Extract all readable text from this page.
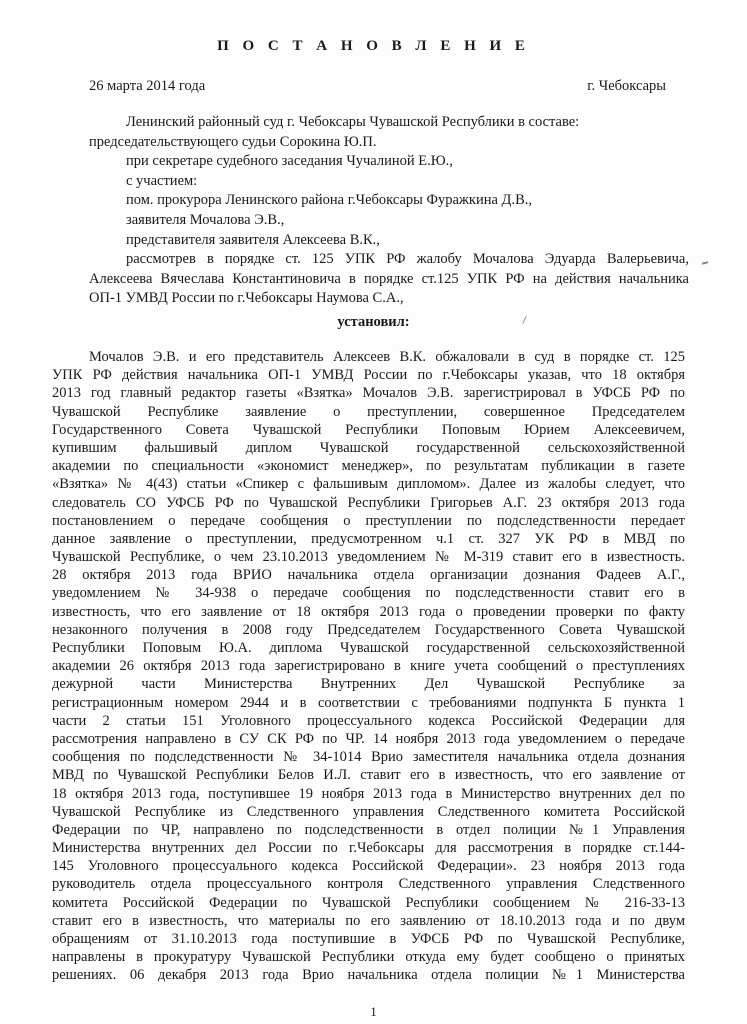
П О С Т А Н О В Л Е Н И Е
26 марта 2014 года	г. Чебоксары
Ленинский районный суд г. Чебоксары Чувашской Республики в составе:
председательствующего судьи Сорокина Ю.П.
при секретаре судебного заседания Чучалиной Е.Ю.,
с участием:
пом. прокурора Ленинского района г.Чебоксары Фуражкина Д.В.,
заявителя Мочалова Э.В.,
представителя заявителя Алексеева В.К.,
рассмотрев в порядке ст. 125 УПК РФ жалобу Мочалова Эдуарда Валерьевича,
Алексеева Вячеслава Константиновича в порядке ст.125 УПК РФ на действия начальника
ОП-1 УМВД России по г.Чебоксары Наумова С.А.,
установил:
Мочалов Э.В. и его представитель Алексеев В.К. обжаловали в суд в порядке ст. 125
УПК РФ действия начальника ОП-1 УМВД России по г.Чебоксары указав, что 18 октября
2013 год главный редактор газеты «Взятка» Мочалов Э.В. зарегистрировал в УФСБ РФ по
Чувашской Республике заявление о преступлении, совершенное Председателем
Государственного Совета Чувашской Республики Поповым Юрием Алексеевичем,
купившим фальшивый диплом Чувашской государственной сельскохозяйственной
академии по специальности «экономист менеджер», по результатам публикации в газете
«Взятка» № 4(43) статьи «Спикер с фальшивым дипломом». Далее из жалобы следует, что
следователь СО УФСБ РФ по Чувашской Республики Григорьев А.Г. 23 октября 2013 года
постановлением о передаче сообщения о преступлении по подследственности передает
данное заявление о преступлении, предусмотренном ч.1 ст. 327 УК РФ в МВД по
Чувашской Республике, о чем 23.10.2013 уведомлением № М-319 ставит его в известность.
28 октября 2013 года ВРИО начальника отдела организации дознания Фадеев А.Г.,
уведомлением № 34-938 о передаче сообщения по подследственности ставит его в
известность, что его заявление от 18 октября 2013 года о проведении проверки по факту
незаконного получения в 2008 году Председателем Государственного Совета Чувашской
Республики Поповым Ю.А. диплома Чувашской государственной сельскохозяйственной
академии 26 октября 2013 года зарегистрировано в книге учета сообщений о преступлениях
дежурной части Министерства Внутренних Дел Чувашской Республике за
регистрационным номером 2944 и в соответствии с требованиями подпункта Б пункта 1
части 2 статьи 151 Уголовного процессуального кодекса Российской Федерации для
рассмотрения направлено в СУ СК РФ по ЧР. 14 ноября 2013 года уведомлением о передаче
сообщения по подследственности № 34-1014 Врио заместителя начальника отдела дознания
МВД по Чувашской Республики Белов И.Л. ставит его в известность, что его заявление от
18 октября 2013 года, поступившее 19 ноября 2013 года в Министерство внутренних дел по
Чувашской Республике из Следственного управления Следственного комитета Российской
Федерации по ЧР, направлено по подследственности в отдел полиции №1 Управления
Министерства внутренних дел России по г.Чебоксары для рассмотрения в порядке ст.144-
145 Уголовного процессуального кодекса Российской Федерации». 23 ноября 2013 года
руководитель отдела процессуального контроля Следственного управления Следственного
комитета Российской Федерации по Чувашской Республики сообщением № 216-33-13
ставит его в известность, что материалы по его заявлению от 18.10.2013 года и по двум
обращениям от 31.10.2013 года поступившие в УФСБ РФ по Чувашской Республике,
направлены в прокуратуру Чувашской Республики откуда ему будет сообщено о принятых
решениях. 06 декабря 2013 года Врио начальника отдела полиции №1 Министерства
1
